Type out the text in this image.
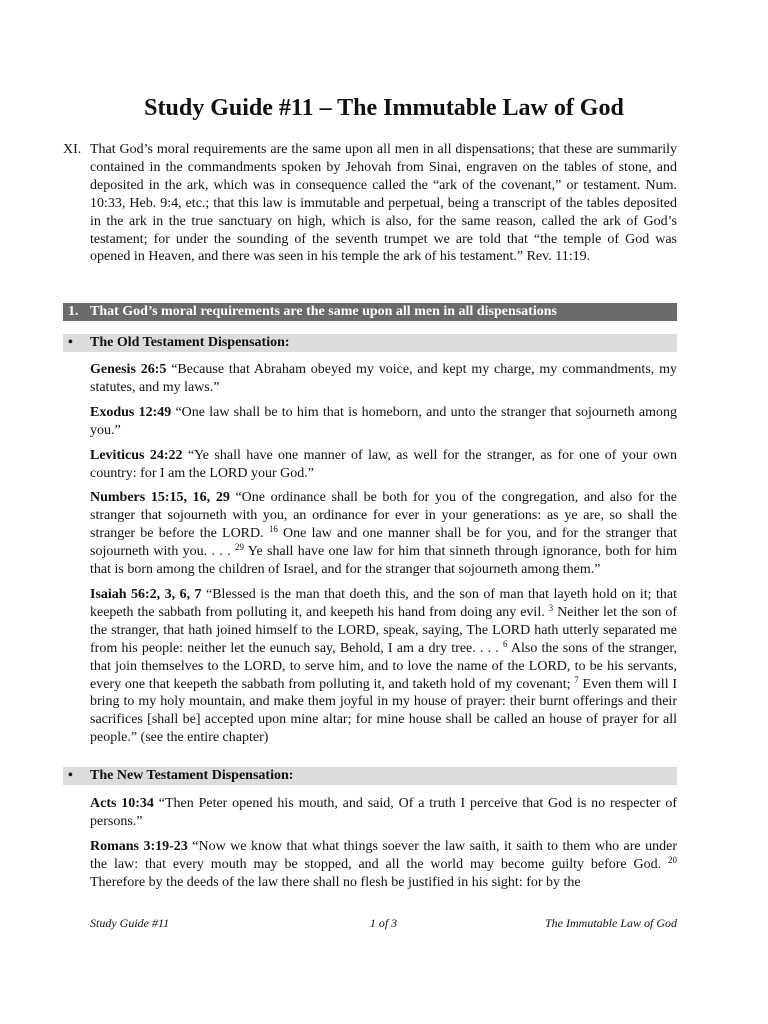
Study Guide #11 – The Immutable Law of God
XI. That God’s moral requirements are the same upon all men in all dispensations; that these are summarily contained in the commandments spoken by Jehovah from Sinai, engraven on the tables of stone, and deposited in the ark, which was in consequence called the “ark of the covenant,” or testament. Num. 10:33, Heb. 9:4, etc.; that this law is immutable and perpetual, being a transcript of the tables deposited in the ark in the true sanctuary on high, which is also, for the same reason, called the ark of God’s testament; for under the sounding of the seventh trumpet we are told that “the temple of God was opened in Heaven, and there was seen in his temple the ark of his testament.” Rev. 11:19.
1. That God’s moral requirements are the same upon all men in all dispensations
• The Old Testament Dispensation:

Genesis 26:5 “Because that Abraham obeyed my voice, and kept my charge, my commandments, my statutes, and my laws.”

Exodus 12:49 “One law shall be to him that is homeborn, and unto the stranger that sojourneth among you.”

Leviticus 24:22 “Ye shall have one manner of law, as well for the stranger, as for one of your own country: for I am the LORD your God.”

Numbers 15:15, 16, 29 “One ordinance shall be both for you of the congregation, and also for the stranger that sojourneth with you, an ordinance for ever in your generations: as ye are, so shall the stranger be before the LORD. $^{16}$ One law and one manner shall be for you, and for the stranger that sojourneth with you. . . . $^{29}$ Ye shall have one law for him that sinneth through ignorance, both for him that is born among the children of Israel, and for the stranger that sojourneth among them.”

Isaiah 56:2, 3, 6, 7 “Blessed is the man that doeth this, and the son of man that layeth hold on it; that keepeth the sabbath from polluting it, and keepeth his hand from doing any evil. $^3$ Neither let the son of the stranger, that hath joined himself to the LORD, speak, saying, The LORD hath utterly separated me from his people: neither let the eunuch say, Behold, I am a dry tree. . . . $^6$ Also the sons of the stranger, that join themselves to the LORD, to serve him, and to love the name of the LORD, to be his servants, every one that keepeth the sabbath from polluting it, and taketh hold of my covenant; $^7$ Even them will I bring to my holy mountain, and make them joyful in my house of prayer: their burnt offerings and their sacrifices [shall be] accepted upon mine altar; for mine house shall be called an house of prayer for all people.” (see the entire chapter)

• The New Testament Dispensation:

Acts 10:34 “Then Peter opened his mouth, and said, Of a truth I perceive that God is no respecter of persons.”

Romans 3:19-23 “Now we know that what things soever the law saith, it saith to them who are under the law: that every mouth may be stopped, and all the world may become guilty before God. $^{20}$ Therefore by the deeds of the law there shall no flesh be justified in his sight: for by the

Study Guide #11	1 of 3	The Immutable Law of God
